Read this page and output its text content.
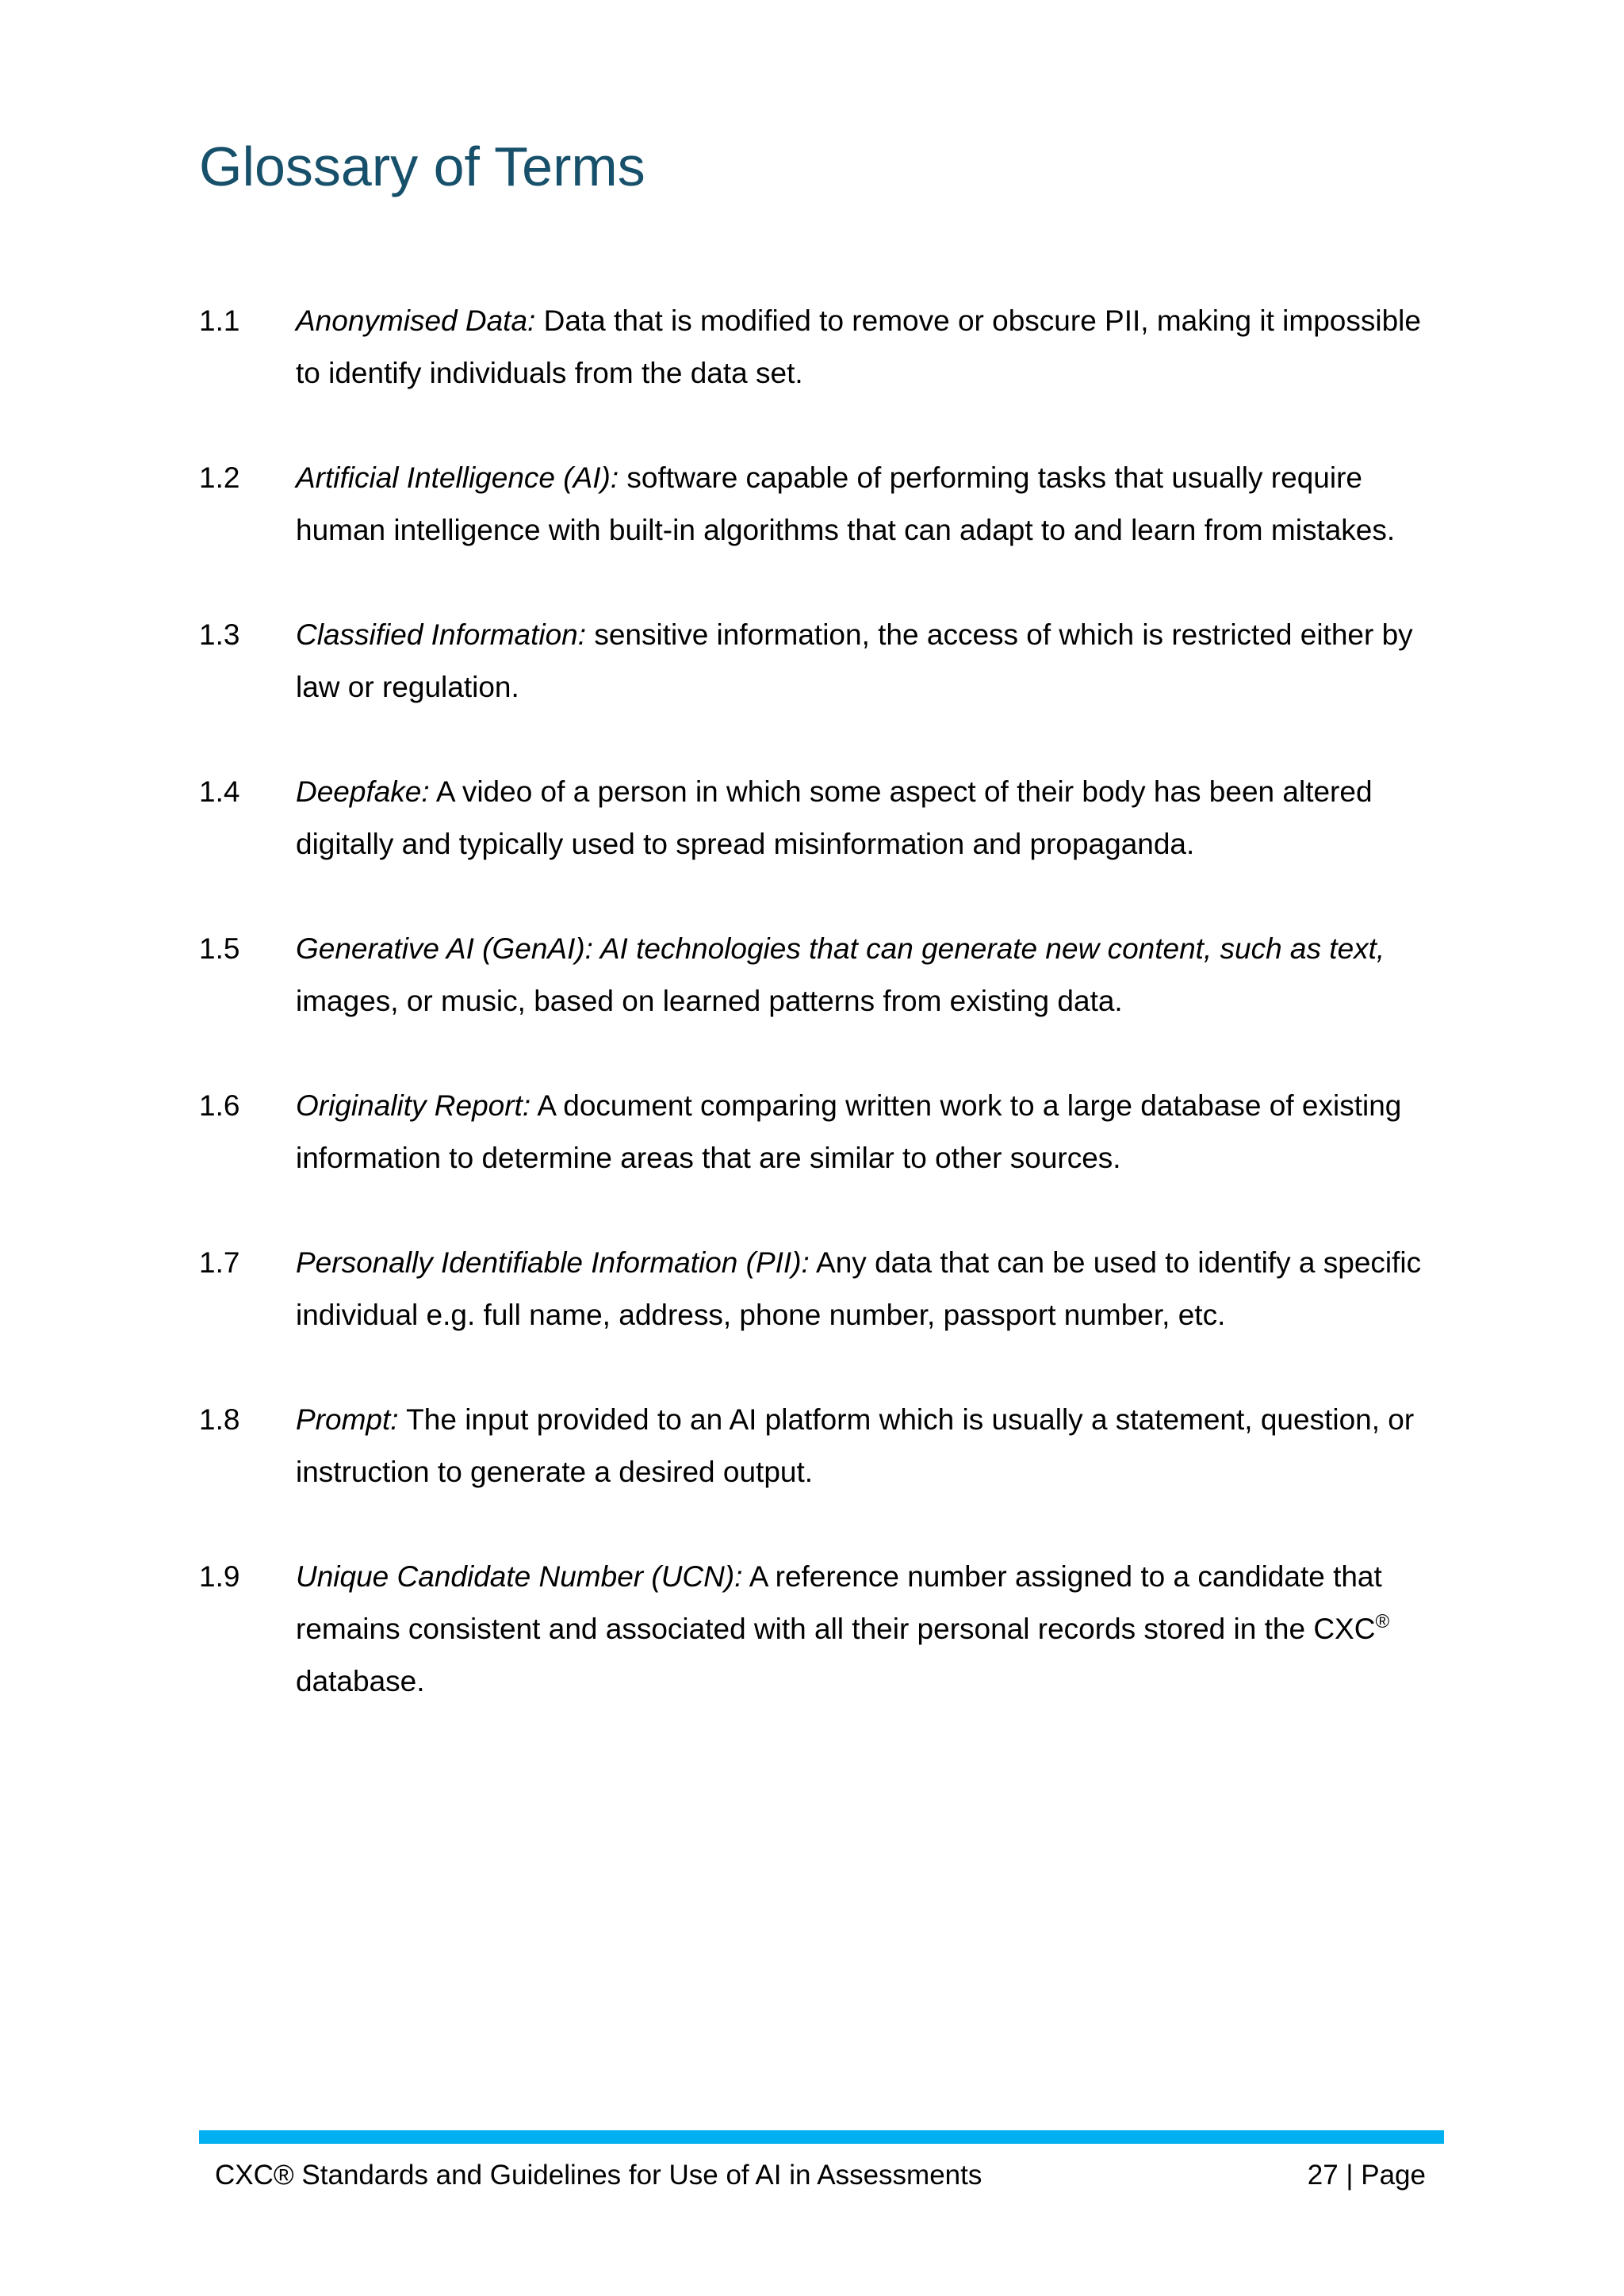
Glossary of Terms
1.1	Anonymised Data: Data that is modified to remove or obscure PII, making it impossible to identify individuals from the data set.
1.2	Artificial Intelligence (AI): software capable of performing tasks that usually require human intelligence with built-in algorithms that can adapt to and learn from mistakes.
1.3	Classified Information: sensitive information, the access of which is restricted either by law or regulation.
1.4	Deepfake: A video of a person in which some aspect of their body has been altered digitally and typically used to spread misinformation and propaganda.
1.5	Generative AI (GenAI): AI technologies that can generate new content, such as text, images, or music, based on learned patterns from existing data.
1.6	Originality Report: A document comparing written work to a large database of existing information to determine areas that are similar to other sources.
1.7	Personally Identifiable Information (PII): Any data that can be used to identify a specific individual e.g. full name, address, phone number, passport number, etc.
1.8	Prompt: The input provided to an AI platform which is usually a statement, question, or instruction to generate a desired output.
1.9	Unique Candidate Number (UCN): A reference number assigned to a candidate that remains consistent and associated with all their personal records stored in the CXC® database.
CXC® Standards and Guidelines for Use of AI in Assessments	27 | Page
